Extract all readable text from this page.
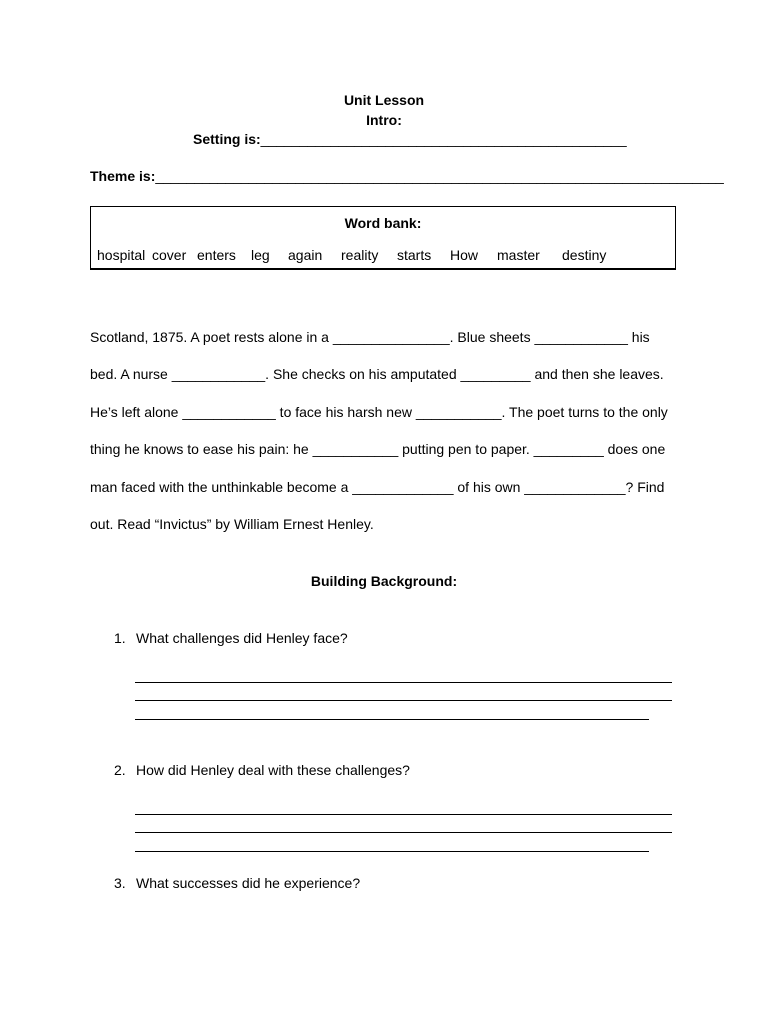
Unit Lesson
Intro:
Setting is:_______________________________________________
Theme is:_________________________________________________________________________
Word bank:
hospital cover enters leg again reality starts How master destiny
Scotland, 1875. A poet rests alone in a _______________. Blue sheets ____________ his
bed. A nurse ____________. She checks on his amputated _________ and then she leaves.
He’s left alone ____________ to face his harsh new ___________. The poet turns to the only
thing he knows to ease his pain: he ___________ putting pen to paper. _________ does one
man faced with the unthinkable become a _____________ of his own _____________? Find
out. Read “Invictus” by William Ernest Henley.
Building Background:
1. What challenges did Henley face?
2. How did Henley deal with these challenges?
3. What successes did he experience?
